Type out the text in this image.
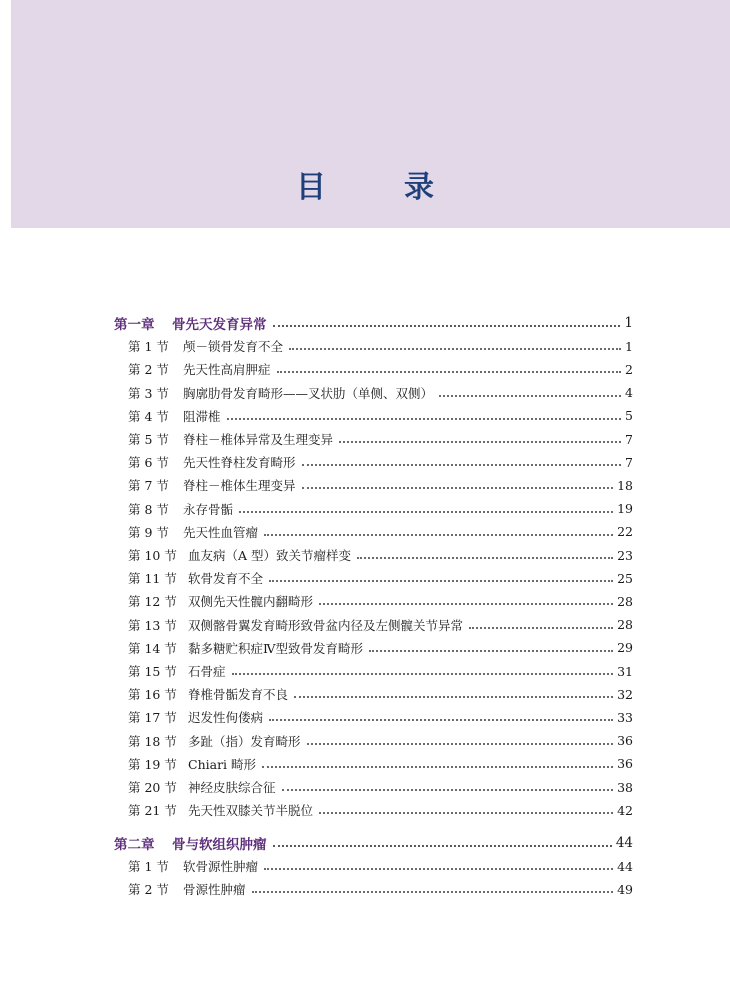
目　录
第一章	骨先天发育异常	1
第 1 节	颅－锁骨发育不全	1
第 2 节	先天性高肩胛症	2
第 3 节	胸廓肋骨发育畸形——叉状肋（单侧、双侧）	4
第 4 节	阻滞椎	5
第 5 节	脊柱－椎体异常及生理变异	7
第 6 节	先天性脊柱发育畸形	7
第 7 节	脊柱－椎体生理变异	18
第 8 节	永存骨骺	19
第 9 节	先天性血管瘤	22
第 10 节 血友病（A 型）致关节瘤样变	23
第 11 节 软骨发育不全	25
第 12 节 双侧先天性髋内翻畸形	28
第 13 节 双侧髂骨翼发育畸形致骨盆内径及左侧髋关节异常	28
第 14 节 黏多糖贮积症Ⅳ型致骨发育畸形	29
第 15 节 石骨症	31
第 16 节 脊椎骨骺发育不良	32
第 17 节 迟发性佝偻病	33
第 18 节 多趾（指）发育畸形	36
第 19 节 Chiari 畸形	36
第 20 节 神经皮肤综合征	38
第 21 节 先天性双膝关节半脱位	42
第二章	骨与软组织肿瘤	44
第 1 节	软骨源性肿瘤	44
第 2 节	骨源性肿瘤	49
